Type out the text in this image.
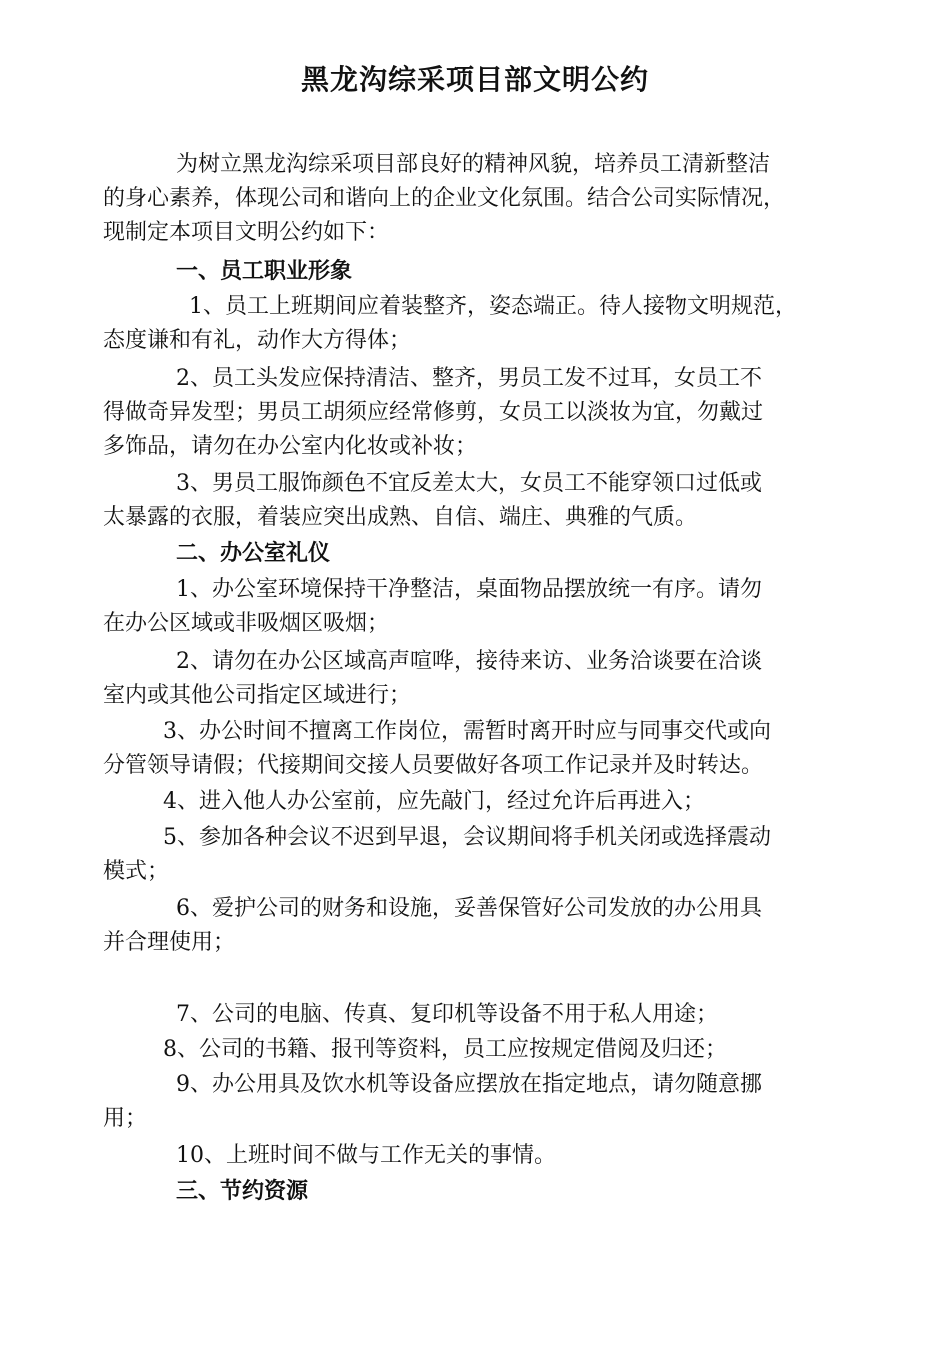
黑龙沟综采项目部文明公约
为树立黑龙沟综采项目部良好的精神风貌，培养员工清新整洁
的身心素养，体现公司和谐向上的企业文化氛围。结合公司实际情况，
现制定本项目文明公约如下：
一、员工职业形象
1、员工上班期间应着装整齐，姿态端正。待人接物文明规范，
态度谦和有礼，动作大方得体；
2、员工头发应保持清洁、整齐，男员工发不过耳，女员工不
得做奇异发型；男员工胡须应经常修剪，女员工以淡妆为宜，勿戴过
多饰品，请勿在办公室内化妆或补妆；
3、男员工服饰颜色不宜反差太大，女员工不能穿领口过低或
太暴露的衣服，着装应突出成熟、自信、端庄、典雅的气质。
二、办公室礼仪
1、办公室环境保持干净整洁，桌面物品摆放统一有序。请勿
在办公区域或非吸烟区吸烟；
2、请勿在办公区域高声喧哗，接待来访、业务洽谈要在洽谈
室内或其他公司指定区域进行；
3、办公时间不擅离工作岗位，需暂时离开时应与同事交代或向
分管领导请假；代接期间交接人员要做好各项工作记录并及时转达。
4、进入他人办公室前，应先敲门，经过允许后再进入；
5、参加各种会议不迟到早退，会议期间将手机关闭或选择震动
模式；
6、爱护公司的财务和设施，妥善保管好公司发放的办公用具
并合理使用；
7、公司的电脑、传真、复印机等设备不用于私人用途；
8、公司的书籍、报刊等资料，员工应按规定借阅及归还；
9、办公用具及饮水机等设备应摆放在指定地点，请勿随意挪
用；
10、上班时间不做与工作无关的事情。
三、节约资源
